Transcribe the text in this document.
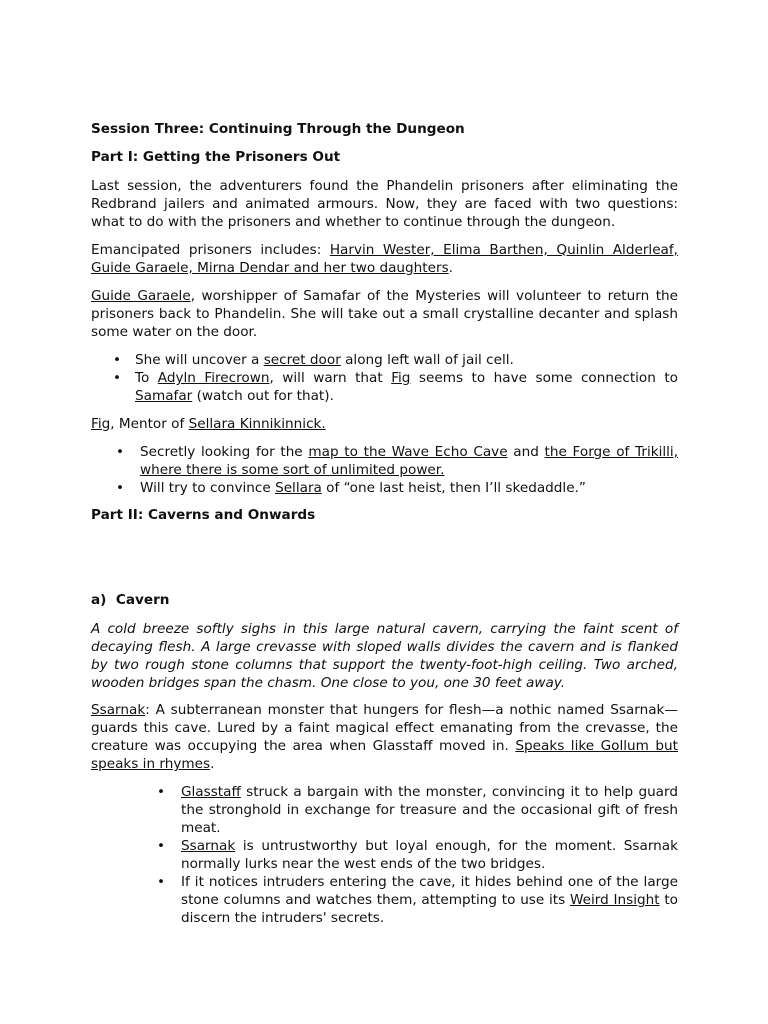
Session Three: Continuing Through the Dungeon

Part I: Getting the Prisoners Out

Last session, the adventurers found the Phandelin prisoners after eliminating the Redbrand jailers and animated armours. Now, they are faced with two questions: what to do with the prisoners and whether to continue through the dungeon.

Emancipated prisoners includes: Harvin Wester, Elima Barthen, Quinlin Alderleaf, Guide Garaele, Mirna Dendar and her two daughters.

Guide Garaele, worshipper of Samafar of the Mysteries will volunteer to return the prisoners back to Phandelin. She will take out a small crystalline decanter and splash some water on the door.

• She will uncover a secret door along left wall of jail cell.
• To Adyln Firecrown, will warn that Fig seems to have some connection to Samafar (watch out for that).

Fig, Mentor of Sellara Kinnikinnick.

• Secretly looking for the map to the Wave Echo Cave and the Forge of Trikilli, where there is some sort of unlimited power.
• Will try to convince Sellara of “one last heist, then I’ll skedaddle.”

Part II: Caverns and Onwards

a)  Cavern

A cold breeze softly sighs in this large natural cavern, carrying the faint scent of decaying flesh. A large crevasse with sloped walls divides the cavern and is flanked by two rough stone columns that support the twenty-foot-high ceiling. Two arched, wooden bridges span the chasm. One close to you, one 30 feet away.

Ssarnak: A subterranean monster that hungers for flesh—a nothic named Ssarnak—guards this cave. Lured by a faint magical effect emanating from the crevasse, the creature was occupying the area when Glasstaff moved in. Speaks like Gollum but speaks in rhymes.

• Glasstaff struck a bargain with the monster, convincing it to help guard the stronghold in exchange for treasure and the occasional gift of fresh meat.
• Ssarnak is untrustworthy but loyal enough, for the moment. Ssarnak normally lurks near the west ends of the two bridges.
• If it notices intruders entering the cave, it hides behind one of the large stone columns and watches them, attempting to use its Weird Insight to discern the intruders' secrets.
